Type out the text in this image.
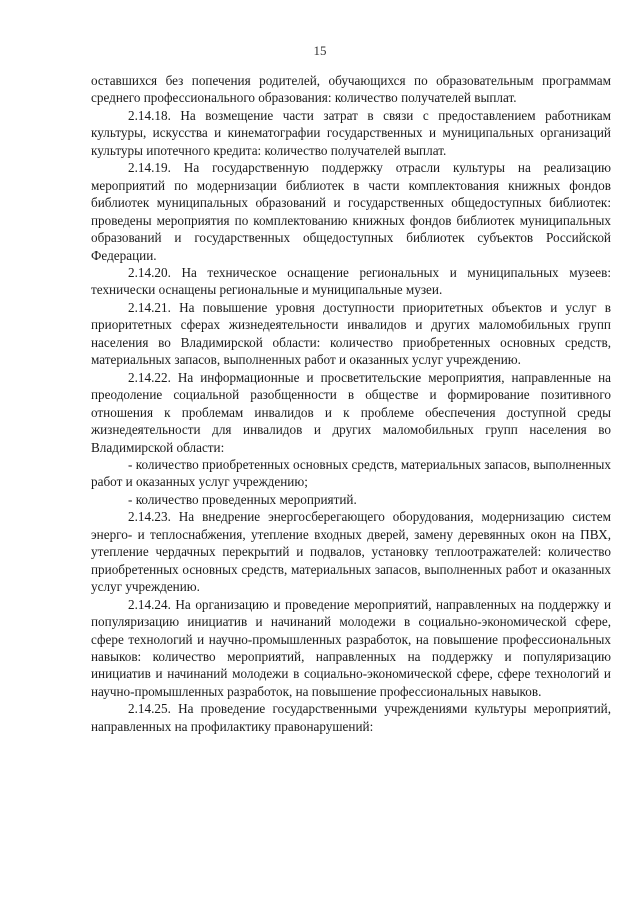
15

оставшихся без попечения родителей, обучающихся по образовательным программам среднего профессионального образования: количество получателей выплат.

2.14.18. На возмещение части затрат в связи с предоставлением работникам культуры, искусства и кинематографии государственных и муниципальных организаций культуры ипотечного кредита: количество получателей выплат.

2.14.19. На государственную поддержку отрасли культуры на реализацию мероприятий по модернизации библиотек в части комплектования книжных фондов библиотек муниципальных образований и государственных общедоступных библиотек: проведены мероприятия по комплектованию книжных фондов библиотек муниципальных образований и государственных общедоступных библиотек субъектов Российской Федерации.

2.14.20. На техническое оснащение региональных и муниципальных музеев: технически оснащены региональные и муниципальные музеи.

2.14.21. На повышение уровня доступности приоритетных объектов и услуг в приоритетных сферах жизнедеятельности инвалидов и других маломобильных групп населения во Владимирской области: количество приобретенных основных средств, материальных запасов, выполненных работ и оказанных услуг учреждению.

2.14.22. На информационные и просветительские мероприятия, направленные на преодоление социальной разобщенности в обществе и формирование позитивного отношения к проблемам инвалидов и к проблеме обеспечения доступной среды жизнедеятельности для инвалидов и других маломобильных групп населения во Владимирской области:

- количество приобретенных основных средств, материальных запасов, выполненных работ и оказанных услуг учреждению;

- количество проведенных мероприятий.

2.14.23. На внедрение энергосберегающего оборудования, модернизацию систем энерго- и теплоснабжения, утепление входных дверей, замену деревянных окон на ПВХ, утепление чердачных перекрытий и подвалов, установку теплоотражателей: количество приобретенных основных средств, материальных запасов, выполненных работ и оказанных услуг учреждению.

2.14.24. На организацию и проведение мероприятий, направленных на поддержку и популяризацию инициатив и начинаний молодежи в социально-экономической сфере, сфере технологий и научно-промышленных разработок, на повышение профессиональных навыков: количество мероприятий, направленных на поддержку и популяризацию инициатив и начинаний молодежи в социально-экономической сфере, сфере технологий и научно-промышленных разработок, на повышение профессиональных навыков.

2.14.25. На проведение государственными учреждениями культуры мероприятий, направленных на профилактику правонарушений:
